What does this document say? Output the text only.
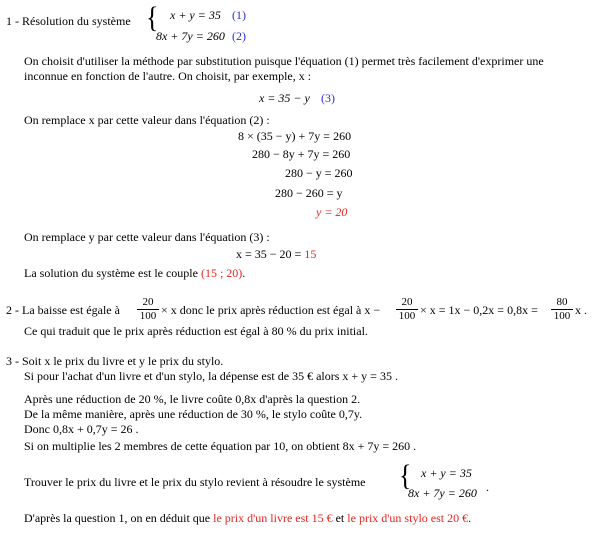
1 - Résolution du système { x + y = 35 (1)
8x + 7y = 260 (2)
On choisit d'utiliser la méthode par substitution puisque l'équation (1) permet très facilement d'exprimer une
inconnue en fonction de l'autre. On choisit, par exemple, x :
x = 35 − y (3)
On remplace x par cette valeur dans l'équation (2) :
8 × (35 − y) + 7y = 260
280 − 8y + 7y = 260
280 − y = 260
280 − 260 = y
y = 20
On remplace y par cette valeur dans l'équation (3) :
x = 35 − 20 = 15
La solution du système est le couple (15 ; 20).
2 - La baisse est égale à $\frac{20}{100} \times x$ donc le prix après réduction est égal à $x - \frac{20}{100} \times x = 1x - 0,2x = 0,8x = \frac{80}{100}$ x .
Ce qui traduit que le prix après réduction est égal à 80 % du prix initial.
3 - Soit x le prix du livre et y le prix du stylo.
Si pour l'achat d'un livre et d'un stylo, la dépense est de 35 € alors x + y = 35 .
Après une réduction de 20 %, le livre coûte 0,8x d'après la question 2.
De la même manière, après une réduction de 30 %, le stylo coûte 0,7y.
Donc 0,8x + 0,7y = 26 .
Si on multiplie les 2 membres de cette équation par 10, on obtient 8x + 7y = 260 .
Trouver le prix du livre et le prix du stylo revient à résoudre le système { x + y = 35
8x + 7y = 260 .
D'après la question 1, on en déduit que le prix d'un livre est 15 € et le prix d'un stylo est 20 €.
